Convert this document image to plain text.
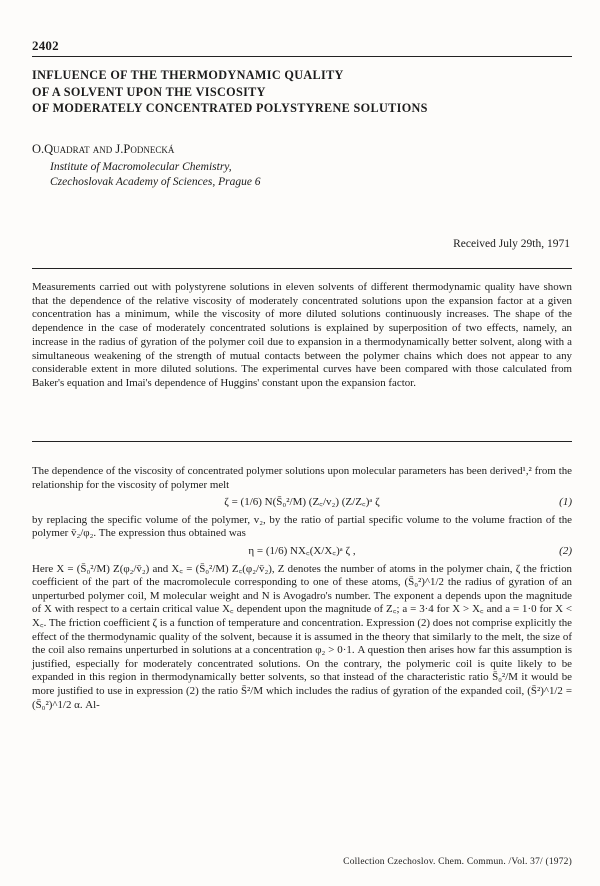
2402
INFLUENCE OF THE THERMODYNAMIC QUALITY
OF A SOLVENT UPON THE VISCOSITY
OF MODERATELY CONCENTRATED POLYSTYRENE SOLUTIONS
O.Quadrat and J.Podnecká
Institute of Macromolecular Chemistry,
Czechoslovak Academy of Sciences, Prague 6
Received July 29th, 1971
Measurements carried out with polystyrene solutions in eleven solvents of different thermodynamic quality have shown that the dependence of the relative viscosity of moderately concentrated solutions upon the expansion factor at a given concentration has a minimum, while the viscosity of more diluted solutions continuously increases. The shape of the dependence in the case of moderately concentrated solutions is explained by superposition of two effects, namely, an increase in the radius of gyration of the polymer coil due to expansion in a thermodynamically better solvent, along with a simultaneous weakening of the strength of mutual contacts between the polymer chains which does not appear to any considerable extent in more diluted solutions. The experimental curves have been compared with those calculated from Baker's equation and Imai's dependence of Huggins' constant upon the expansion factor.

The dependence of the viscosity of concentrated polymer solutions upon molecular parameters has been derived¹,² from the relationship for the viscosity of polymer melt

ζ = (1/6) N(S̄₀²/M) (Z꜀/v₂) (Z/Z꜀)ᵃ ζ	(1)

by replacing the specific volume of the polymer, v₂, by the ratio of partial specific volume to the volume fraction of the polymer v̄₂/φ₂. The expression thus obtained was

η = (1/6) NX꜀(X/X꜀)ᵃ ζ ,	(2)

Here X = (S̄₀²/M) Z(φ₂/v̄₂) and X꜀ = (S̄₀²/M) Z꜀(φ₂/v̄₂), Z denotes the number of atoms in the polymer chain, ζ the friction coefficient of the part of the macromolecule corresponding to one of these atoms, (S̄₀²)^1/2 the radius of gyration of an unperturbed polymer coil, M molecular weight and N is Avogadro's number. The exponent a depends upon the magnitude of X with respect to a certain critical value X꜀ dependent upon the magnitude of Z꜀; a = 3·4 for X > X꜀ and a = 1·0 for X < X꜀. The friction coefficient ζ is a function of temperature and concentration. Expression (2) does not comprise explicitly the effect of the thermodynamic quality of the solvent, because it is assumed in the theory that similarly to the melt, the size of the coil also remains unperturbed in solutions at a concentration φ₂ > 0·1. A question then arises how far this assumption is justified, especially for moderately concentrated solutions. On the contrary, the polymeric coil is quite likely to be expanded in this region in thermodynamically better solvents, so that instead of the characteristic ratio S̄₀²/M it would be more justified to use in expression (2) the ratio S̄²/M which includes the radius of gyration of the expanded coil, (S̄²)^1/2 = (S̄₀²)^1/2 α. Al-

Collection Czechoslov. Chem. Commun. /Vol. 37/ (1972)
